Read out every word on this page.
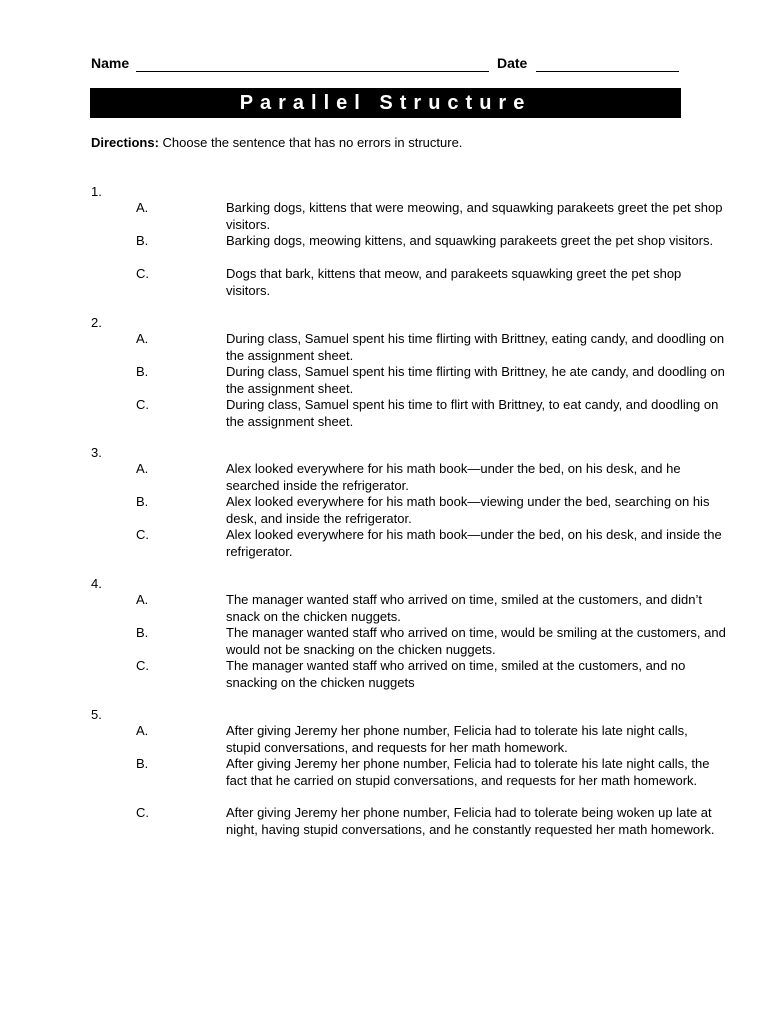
Name	Date
Parallel Structure
Directions: Choose the sentence that has no errors in structure.
1.
A.	Barking dogs, kittens that were meowing, and squawking parakeets greet the pet shop visitors.
B.	Barking dogs, meowing kittens, and squawking parakeets greet the pet shop visitors.
C.	Dogs that bark, kittens that meow, and parakeets squawking greet the pet shop visitors.
2.
A.	During class, Samuel spent his time flirting with Brittney, eating candy, and doodling on the assignment sheet.
B.	During class, Samuel spent his time flirting with Brittney, he ate candy, and doodling on the assignment sheet.
C.	During class, Samuel spent his time to flirt with Brittney, to eat candy, and doodling on the assignment sheet.
3.
A.	Alex looked everywhere for his math book—under the bed, on his desk, and he searched inside the refrigerator.
B.	Alex looked everywhere for his math book—viewing under the bed, searching on his desk, and inside the refrigerator.
C.	Alex looked everywhere for his math book—under the bed, on his desk, and inside the refrigerator.
4.
A.	The manager wanted staff who arrived on time, smiled at the customers, and didn’t snack on the chicken nuggets.
B.	The manager wanted staff who arrived on time, would be smiling at the customers, and would not be snacking on the chicken nuggets.
C.	The manager wanted staff who arrived on time, smiled at the customers, and no snacking on the chicken nuggets
5.
A.	After giving Jeremy her phone number, Felicia had to tolerate his late night calls, stupid conversations, and requests for her math homework.
B.	After giving Jeremy her phone number, Felicia had to tolerate his late night calls, the fact that he carried on stupid conversations, and requests for her math homework.
C.	After giving Jeremy her phone number, Felicia had to tolerate being woken up late at night, having stupid conversations, and he constantly requested her math homework.
